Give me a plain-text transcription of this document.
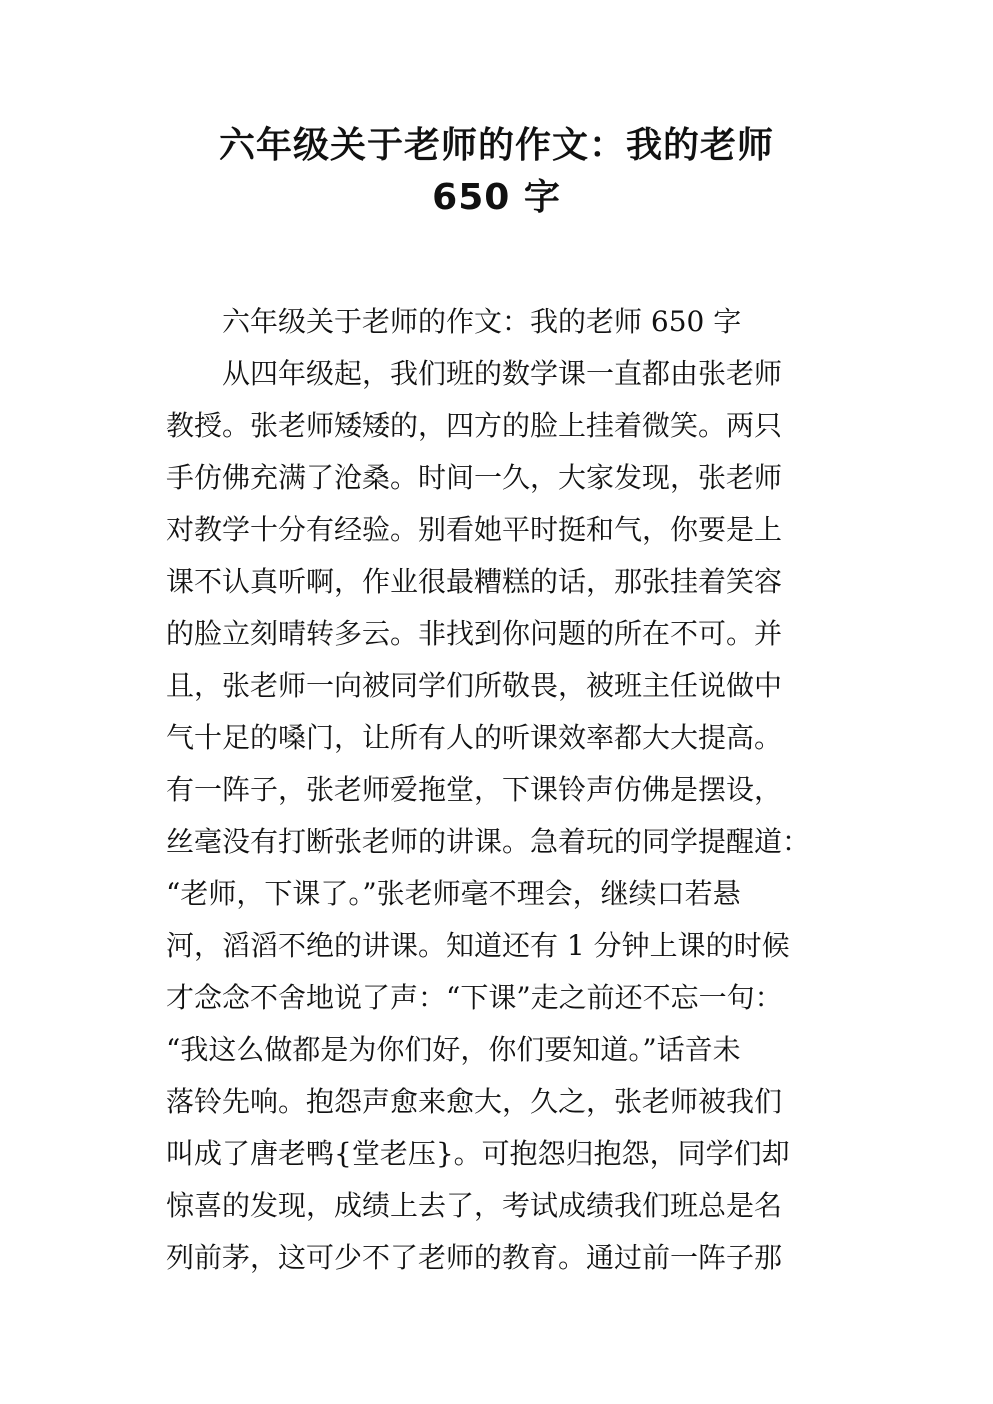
六年级关于老师的作文：我的老师
650 字
六年级关于老师的作文：我的老师 650 字
从四年级起，我们班的数学课一直都由张老师
教授。张老师矮矮的，四方的脸上挂着微笑。两只
手仿佛充满了沧桑。时间一久，大家发现，张老师
对教学十分有经验。别看她平时挺和气，你要是上
课不认真听啊，作业很最糟糕的话，那张挂着笑容
的脸立刻晴转多云。非找到你问题的所在不可。并
且，张老师一向被同学们所敬畏，被班主任说做中
气十足的嗓门，让所有人的听课效率都大大提高。
有一阵子，张老师爱拖堂，下课铃声仿佛是摆设，
丝毫没有打断张老师的讲课。急着玩的同学提醒道：
“老师，下课了。”张老师毫不理会，继续口若悬
河，滔滔不绝的讲课。知道还有 1 分钟上课的时候
才念念不舍地说了声：“下课”走之前还不忘一句：
“我这么做都是为你们好，你们要知道。”话音未
落铃先响。抱怨声愈来愈大，久之，张老师被我们
叫成了唐老鸭{堂老压}。可抱怨归抱怨，同学们却
惊喜的发现，成绩上去了，考试成绩我们班总是名
列前茅，这可少不了老师的教育。通过前一阵子那
